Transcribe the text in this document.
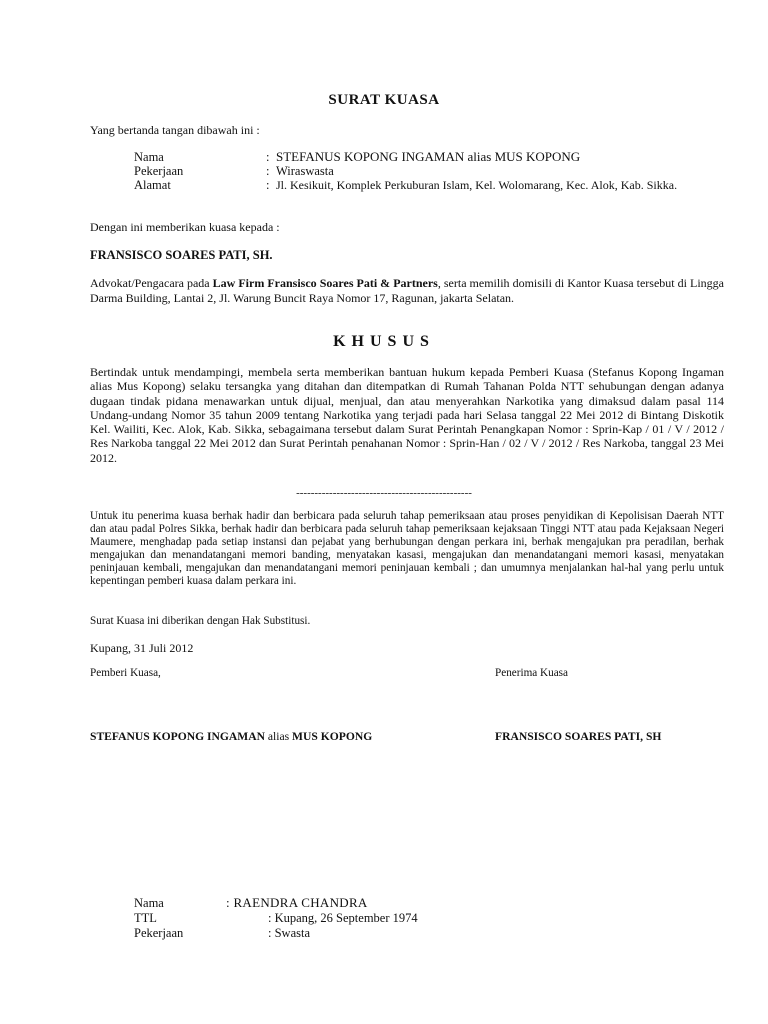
SURAT KUASA
Yang bertanda tangan dibawah ini :
Nama	: STEFANUS KOPONG INGAMAN alias MUS KOPONG
Pekerjaan	: Wiraswasta
Alamat	: Jl. Kesikuit, Komplek Perkuburan Islam, Kel. Wolomarang, Kec. Alok, Kab. Sikka.
Dengan ini memberikan kuasa kepada :
FRANSISCO SOARES PATI, SH.
Advokat/Pengacara pada Law Firm Fransisco Soares Pati & Partners, serta memilih domisili di Kantor Kuasa tersebut di Lingga Darma Building, Lantai 2, Jl. Warung Buncit Raya Nomor 17, Ragunan, jakarta Selatan.
KHUSUS
Bertindak untuk mendampingi, membela serta memberikan bantuan hukum kepada Pemberi Kuasa (Stefanus Kopong Ingaman alias Mus Kopong) selaku tersangka yang ditahan dan ditempatkan di Rumah Tahanan Polda NTT sehubungan dengan adanya dugaan tindak pidana menawarkan untuk dijual, menjual, dan atau menyerahkan Narkotika yang dimaksud dalam pasal 114 Undang-undang Nomor 35 tahun 2009 tentang Narkotika yang terjadi pada hari Selasa tanggal 22 Mei 2012 di Bintang Diskotik Kel. Wailiti, Kec. Alok, Kab. Sikka, sebagaimana tersebut dalam Surat Perintah Penangkapan Nomor : Sprin-Kap / 01 / V / 2012 / Res Narkoba tanggal 22 Mei 2012 dan Surat Perintah penahanan Nomor : Sprin-Han / 02 / V / 2012 / Res Narkoba, tanggal 23 Mei 2012.
------------------------------------------------
Untuk itu penerima kuasa berhak hadir dan berbicara pada seluruh tahap pemeriksaan atau proses penyidikan di Kepolisisan Daerah NTT dan atau padal Polres Sikka, berhak hadir dan berbicara pada seluruh tahap pemeriksaan kejaksaan Tinggi NTT atau pada Kejaksaan Negeri Maumere, menghadap pada setiap instansi dan pejabat yang berhubungan dengan perkara ini, berhak mengajukan pra peradilan, berhak mengajukan dan menandatangani memori banding, menyatakan kasasi, mengajukan dan menandatangani memori kasasi, menyatakan peninjauan kembali, mengajukan dan menandatangani memori peninjauan kembali ; dan umumnya menjalankan hal-hal yang perlu untuk kepentingan pemberi kuasa dalam perkara ini.
Surat Kuasa ini diberikan dengan Hak Substitusi.
Kupang, 31 Juli 2012
Pemberi Kuasa,	Penerima Kuasa
STEFANUS KOPONG INGAMAN alias MUS KOPONG	FRANSISCO SOARES PATI, SH
Nama	: RAENDRA CHANDRA
TTL	: Kupang, 26 September 1974
Pekerjaan	: Swasta
